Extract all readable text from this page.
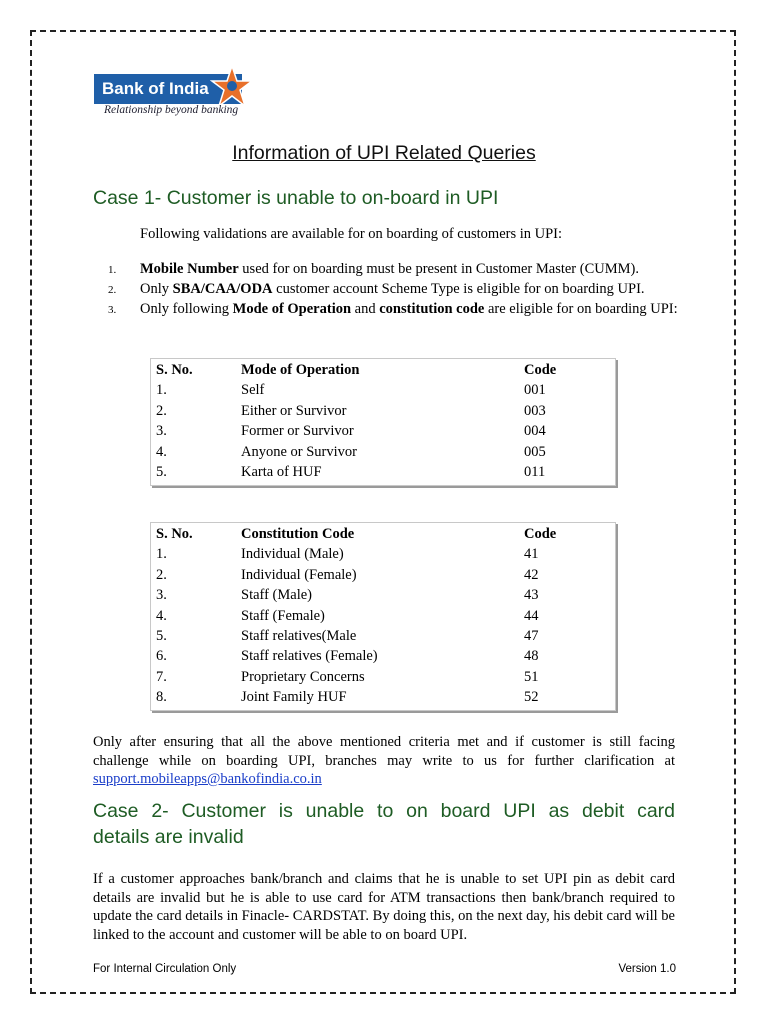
Bank of India
Relationship beyond banking
Information of UPI Related Queries
Case 1- Customer is unable to on-board in UPI
Following validations are available for on boarding of customers in UPI:
1. Mobile Number used for on boarding must be present in Customer Master (CUMM).
2. Only SBA/CAA/ODA customer account Scheme Type is eligible for on boarding UPI.
3. Only following Mode of Operation and constitution code are eligible for on boarding UPI:
S. No.	Mode of Operation	Code
1.	Self	001
2.	Either or Survivor	003
3.	Former or Survivor	004
4.	Anyone or Survivor	005
5.	Karta of HUF	011
S. No.	Constitution Code	Code
1.	Individual (Male)	41
2.	Individual (Female)	42
3.	Staff (Male)	43
4.	Staff (Female)	44
5.	Staff relatives(Male	47
6.	Staff relatives (Female)	48
7.	Proprietary Concerns	51
8.	Joint Family HUF	52
Only after ensuring that all the above mentioned criteria met and if customer is still facing challenge while on boarding UPI, branches may write to us for further clarification at support.mobileapps@bankofindia.co.in
Case 2- Customer is unable to on board UPI as debit card
details are invalid
If a customer approaches bank/branch and claims that he is unable to set UPI pin as debit card details are invalid but he is able to use card for ATM transactions then bank/branch required to update the card details in Finacle- CARDSTAT. By doing this, on the next day, his debit card will be linked to the account and customer will be able to on board UPI.
For Internal Circulation Only	Version 1.0
